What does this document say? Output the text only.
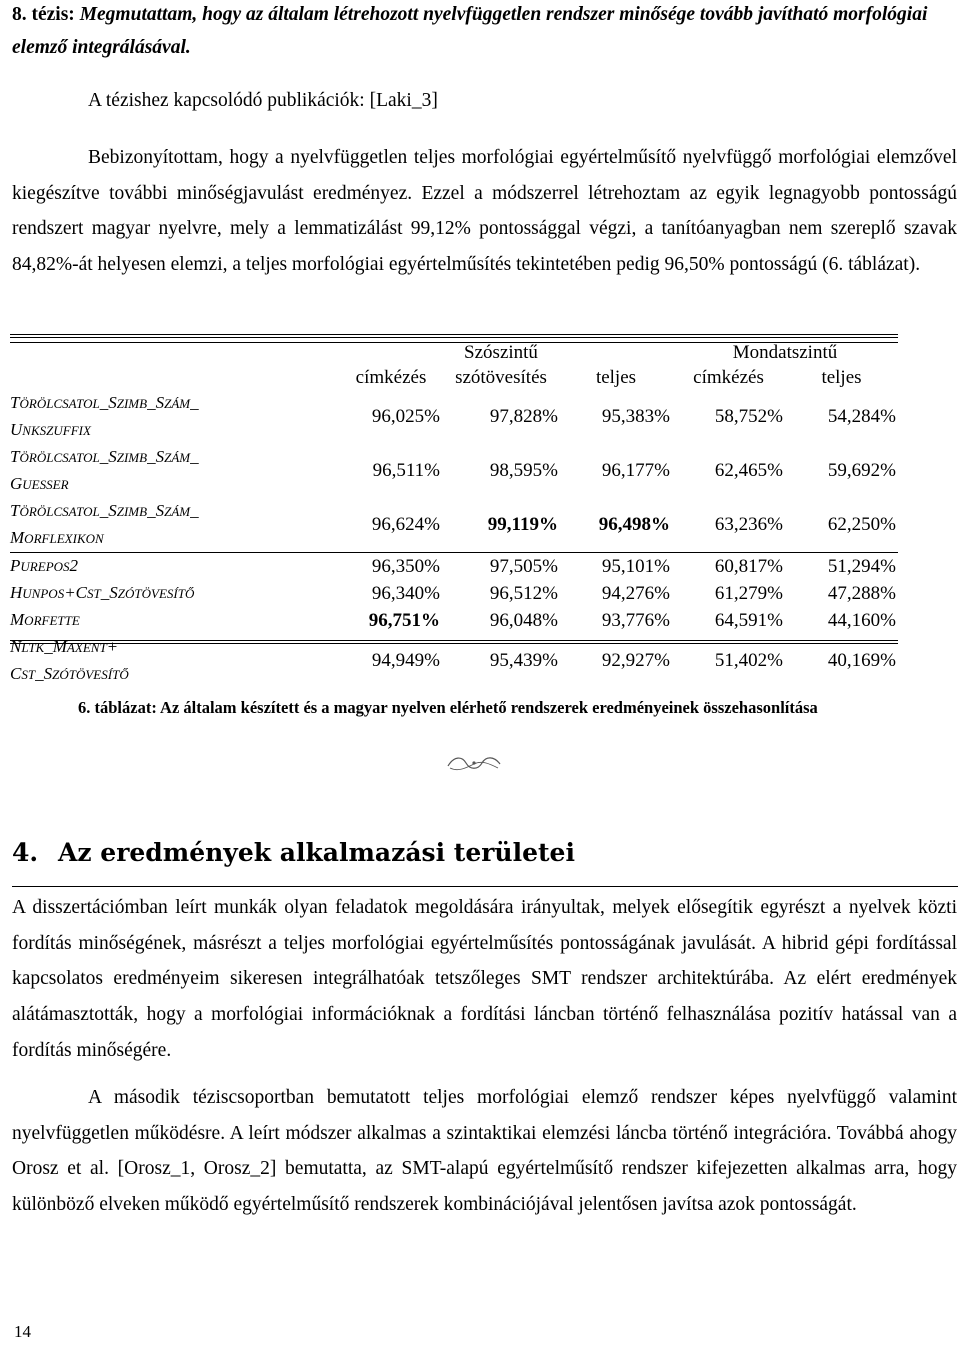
8. tézis: Megmutattam, hogy az általam létrehozott nyelvfüggetlen rendszer minősége tovább javítható morfológiai elemző integrálásával.
A tézishez kapcsolódó publikációk: [Laki_3]
Bebizonyítottam, hogy a nyelvfüggetlen teljes morfológiai egyértelműsítő nyelvfüggő morfológiai elemzővel kiegészítve további minőségjavulást eredményez. Ezzel a módszerrel létrehoztam az egyik legnagyobb pontosságú rendszert magyar nyelvre, mely a lemmatizálást 99,12% pontossággal végzi, a tanítóanyagban nem szereplő szavak 84,82%-át helyesen elemzi, a teljes morfológiai egyértelműsítés tekintetében pedig 96,50% pontosságú (6. táblázat).
		Szószintű		Mondatszintű	
	címkézés	szótövesítés	teljes	címkézés	teljes

TÖRÖLCSATOL_SZIMB_SZÁM_
UNKSZUFFIX	96,025%	97,828%	95,383%	58,752%	54,284%

TÖRÖLCSATOL_SZIMB_SZÁM_
GUESSER	96,511%	98,595%	96,177%	62,465%	59,692%

TÖRÖLCSATOL_SZIMB_SZÁM_
MORFLEXIKON	96,624%	99,119%	96,498%	63,236%	62,250%

PUREPOS2	96,350%	97,505%	95,101%	60,817%	51,294%

HUNPOS+CST_SZÓTÖVESÍTŐ	96,340%	96,512%	94,276%	61,279%	47,288%

MORFETTE	96,751%	96,048%	93,776%	64,591%	44,160%

NLTK_MAXENT+
CST_SZÓTÖVESÍTŐ	94,949%	95,439%	92,927%	51,402%	40,169%
6. táblázat: Az általam készített és a magyar nyelven elérhető rendszerek eredményeinek összehasonlítása
4. Az eredmények alkalmazási területei
A disszertációmban leírt munkák olyan feladatok megoldására irányultak, melyek elősegítik egyrészt a nyelvek közti fordítás minőségének, másrészt a teljes morfológiai egyértelműsítés pontosságának javulását. A hibrid gépi fordítással kapcsolatos eredményeim sikeresen integrálhatóak tetszőleges SMT rendszer architektúrába. Az elért eredmények alátámasztották, hogy a morfológiai információknak a fordítási láncban történő felhasználása pozitív hatással van a fordítás minőségére.
A második téziscsoportban bemutatott teljes morfológiai elemző rendszer képes nyelvfüggő valamint nyelvfüggetlen működésre. A leírt módszer alkalmas a szintaktikai elemzési láncba történő integrációra. Továbbá ahogy Orosz et al. [Orosz_1, Orosz_2] bemutatta, az SMT-alapú egyértelműsítő rendszer kifejezetten alkalmas arra, hogy különböző elveken működő egyértelműsítő rendszerek kombinációjával jelentősen javítsa azok pontosságát.
14
